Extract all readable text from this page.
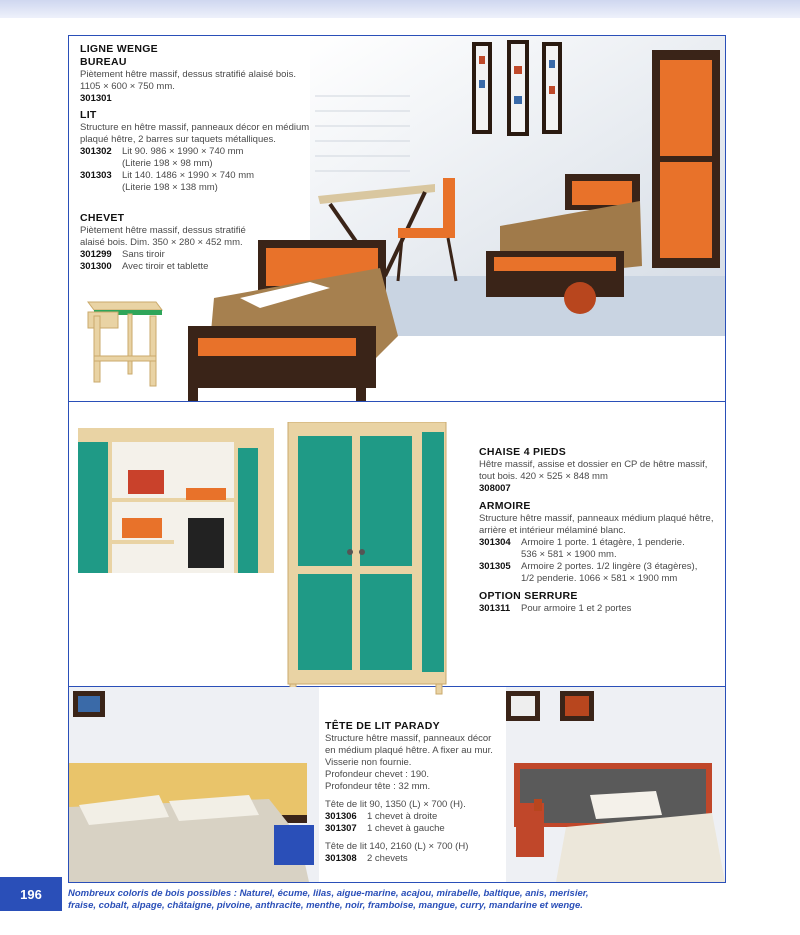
LIGNE WENGE
BUREAU
Piètement hêtre massif, dessus stratifié alaisé bois.
1105 × 600 × 750 mm.
301301
LIT
Structure en hêtre massif, panneaux décor en médium
plaqué hêtre, 2 barres sur taquets métalliques.
301302	Lit 90. 986 × 1990 × 740 mm
(Literie 198 × 98 mm)
301303	Lit 140. 1486 × 1990 × 740 mm
(Literie 198 × 138 mm)
CHEVET
Piètement hêtre massif, dessus stratifié
alaisé bois. Dim. 350 × 280 × 452 mm.
301299	Sans tiroir
301300	Avec tiroir et tablette
CHAISE 4 PIEDS
Hêtre massif, assise et dossier en CP de hêtre massif,
tout bois. 420 × 525 × 848 mm
308007
ARMOIRE
Structure hêtre massif, panneaux médium plaqué hêtre,
arrière et intérieur mélaminé blanc.
301304	Armoire 1 porte. 1 étagère, 1 penderie.
536 × 581 × 1900 mm.
301305	Armoire 2 portes. 1/2 lingère (3 étagères),
1/2 penderie. 1066 × 581 × 1900 mm
OPTION SERRURE
301311	Pour armoire 1 et 2 portes
TÊTE DE LIT PARADY
Structure hêtre massif, panneaux décor
en médium plaqué hêtre. A fixer au mur.
Visserie non fournie.
Profondeur chevet : 190.
Profondeur tête : 32 mm.
Tête de lit 90, 1350 (L) × 700 (H).
301306	1 chevet à droite
301307	1 chevet à gauche
Tête de lit 140, 2160 (L) × 700 (H)
301308	2 chevets
196	Nombreux coloris de bois possibles : Naturel, écume, lilas, aigue-marine, acajou, mirabelle, baltique, anis, merisier,
fraise, cobalt, alpage, châtaigne, pivoine, anthracite, menthe, noir, framboise, mangue, curry, mandarine et wenge.
